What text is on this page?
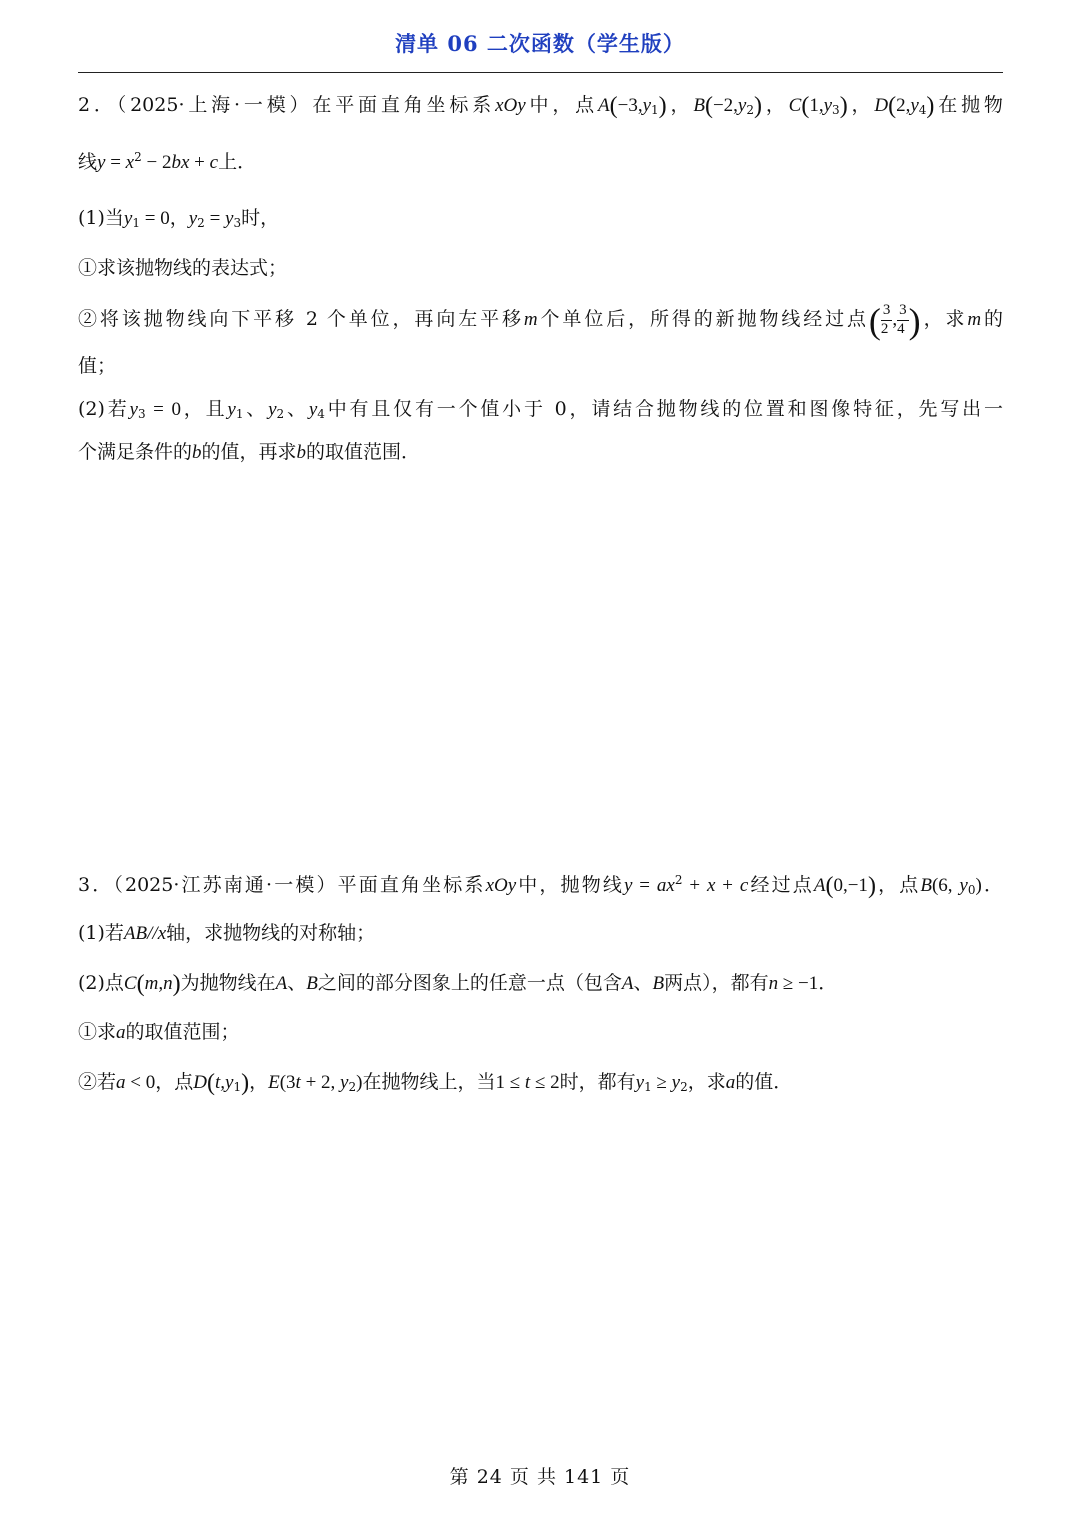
清单 06 二次函数（学生版）
2．（2025·上海·一模）在平面直角坐标系xOy中，点$A(-3,y_1)$，$B(-2,y_2)$，$C(1,y_3)$，$D(2,y_4)$在抛物
线$y = x^2 - 2bx + c$上．
(1)当$y_1 = 0$，$y_2 = y_3$时，
①求该抛物线的表达式；
②将该抛物线向下平移 2 个单位，再向左平移m个单位后，所得的新抛物线经过点( $\frac{3}{2}$ , $\frac{3}{4}$ )，求m的
值；
(2)若$y_3 = 0$，且$y_1$、$y_2$、$y_4$中有且仅有一个值小于 0，请结合抛物线的位置和图像特征，先写出一
个满足条件的b的值，再求b的取值范围．
3．（2025·江苏南通·一模）平面直角坐标系xOy中，抛物线$y = ax^2 + x + c$经过点A(0,−1)，点B(6, $y_0$)．
(1)若AB//x轴，求抛物线的对称轴；
(2)点C(m,n)为抛物线在A、B之间的部分图象上的任意一点（包含A、B两点），都有n ≥ −1．
①求a的取值范围；
②若a < 0，点$D(t,y_1)$，E(3t + 2, $y_2$)在抛物线上，当1 ≤ t ≤ 2时，都有$y_1 \ge y_2$，求a的值．
第 24 页 共 141 页
